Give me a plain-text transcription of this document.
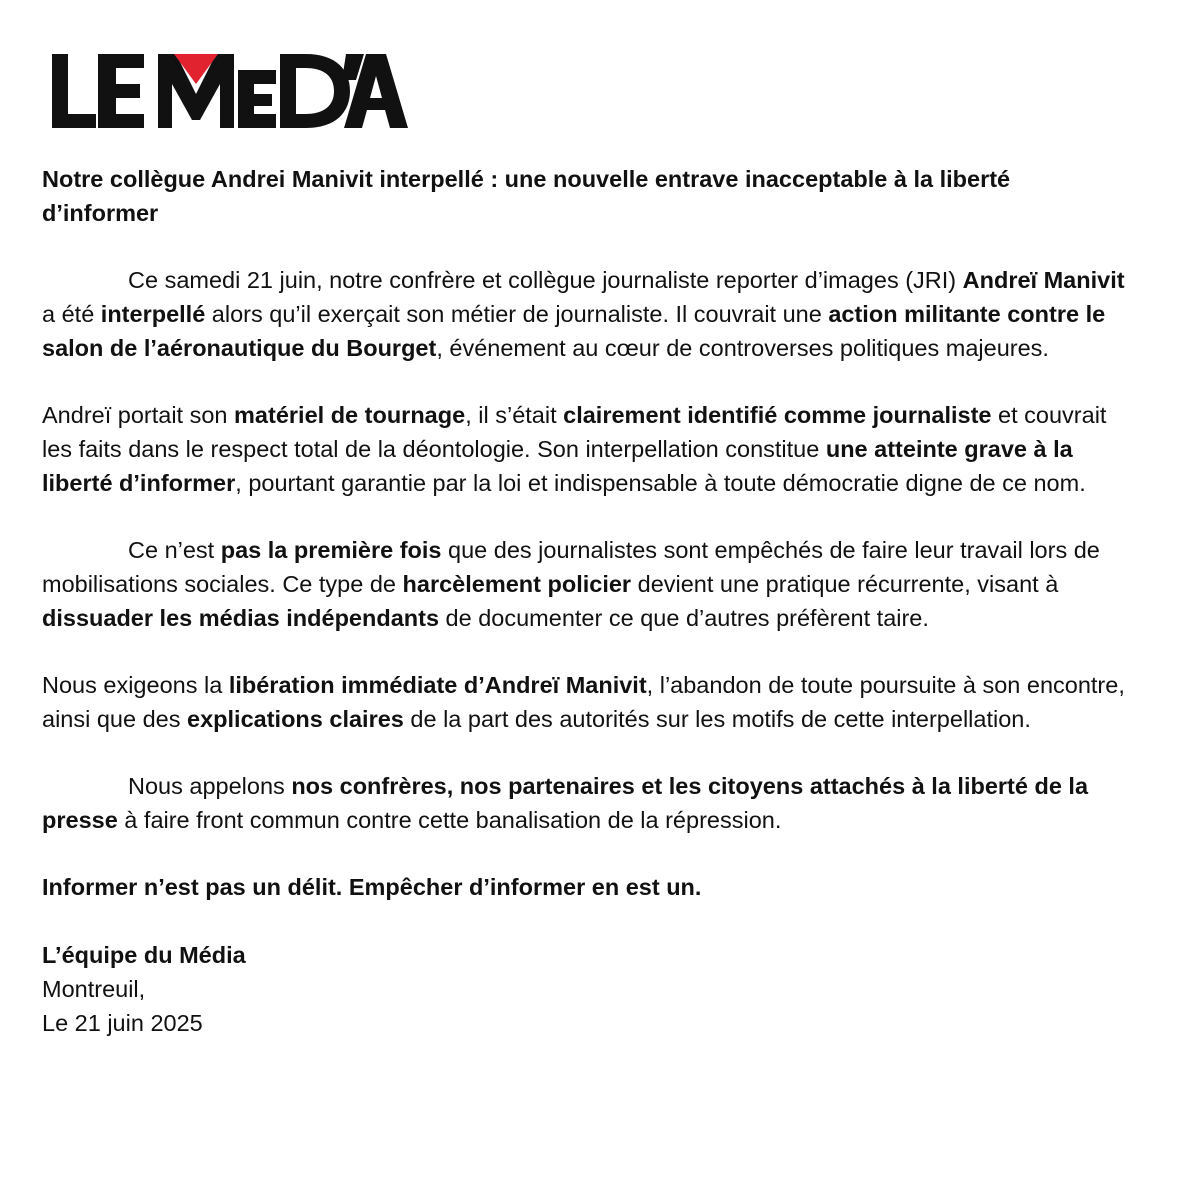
Notre collègue Andrei Manivit interpellé : une nouvelle entrave inacceptable à la liberté d’informer
Ce samedi 21 juin, notre confrère et collègue journaliste reporter d’images (JRI) Andreï Manivit a été interpellé alors qu’il exerçait son métier de journaliste. Il couvrait une action militante contre le salon de l’aéronautique du Bourget, événement au cœur de controverses politiques majeures.
Andreï portait son matériel de tournage, il s’était clairement identifié comme journaliste et couvrait les faits dans le respect total de la déontologie. Son interpellation constitue une atteinte grave à la liberté d’informer, pourtant garantie par la loi et indispensable à toute démocratie digne de ce nom.
Ce n’est pas la première fois que des journalistes sont empêchés de faire leur travail lors de mobilisations sociales. Ce type de harcèlement policier devient une pratique récurrente, visant à dissuader les médias indépendants de documenter ce que d’autres préfèrent taire.
Nous exigeons la libération immédiate d’Andreï Manivit, l’abandon de toute poursuite à son encontre, ainsi que des explications claires de la part des autorités sur les motifs de cette interpellation.
Nous appelons nos confrères, nos partenaires et les citoyens attachés à la liberté de la presse à faire front commun contre cette banalisation de la répression.
Informer n’est pas un délit. Empêcher d’informer en est un.
L’équipe du Média
Montreuil,
Le 21 juin 2025
